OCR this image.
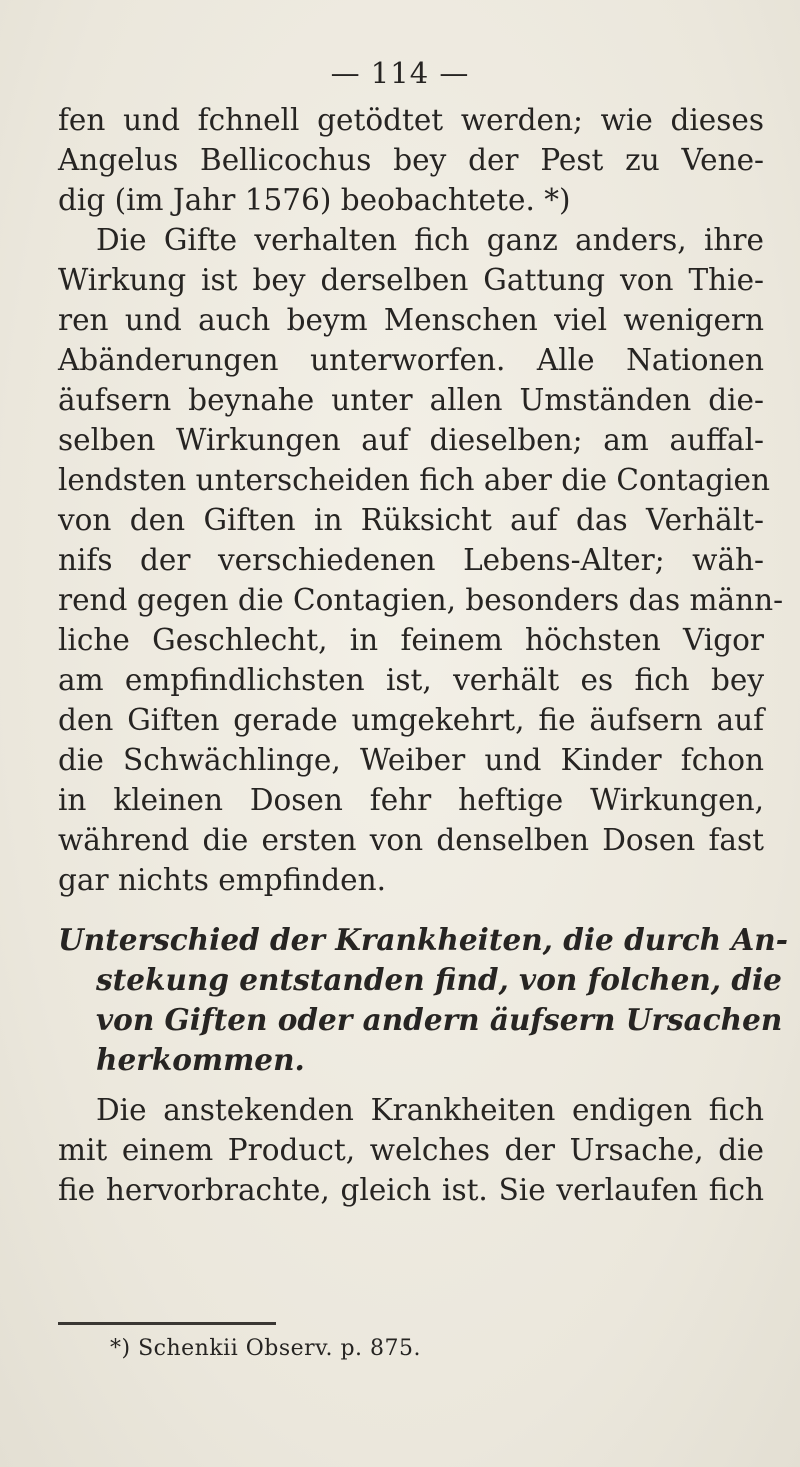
— 114 —
fen und fchnell getödtet werden; wie dieses
Angelus Bellicochus bey der Pest zu Vene-
dig (im Jahr 1576) beobachtete. *)
Die Gifte verhalten fich ganz anders, ihre
Wirkung ist bey derselben Gattung von Thie-
ren und auch beym Menschen viel wenigern
Abänderungen unterworfen. Alle Nationen
äufsern beynahe unter allen Umständen die-
selben Wirkungen auf dieselben; am auffal-
lendsten unterscheiden fich aber die Contagien
von den Giften in Rüksicht auf das Verhält-
nifs der verschiedenen Lebens-Alter; wäh-
rend gegen die Contagien, besonders das männ-
liche Geschlecht, in feinem höchsten Vigor
am empfindlichsten ist, verhält es fich bey
den Giften gerade umgekehrt, fie äufsern auf
die Schwächlinge, Weiber und Kinder fchon
in kleinen Dosen fehr heftige Wirkungen,
während die ersten von denselben Dosen fast
gar nichts empfinden.
Unterschied der Krankheiten, die durch An-
stekung entstanden find, von folchen, die
von Giften oder andern äufsern Ursachen
herkommen.
Die anstekenden Krankheiten endigen fich
mit einem Product, welches der Ursache, die
fie hervorbrachte, gleich ist. Sie verlaufen fich
*) Schenkii Observ. p. 875.
